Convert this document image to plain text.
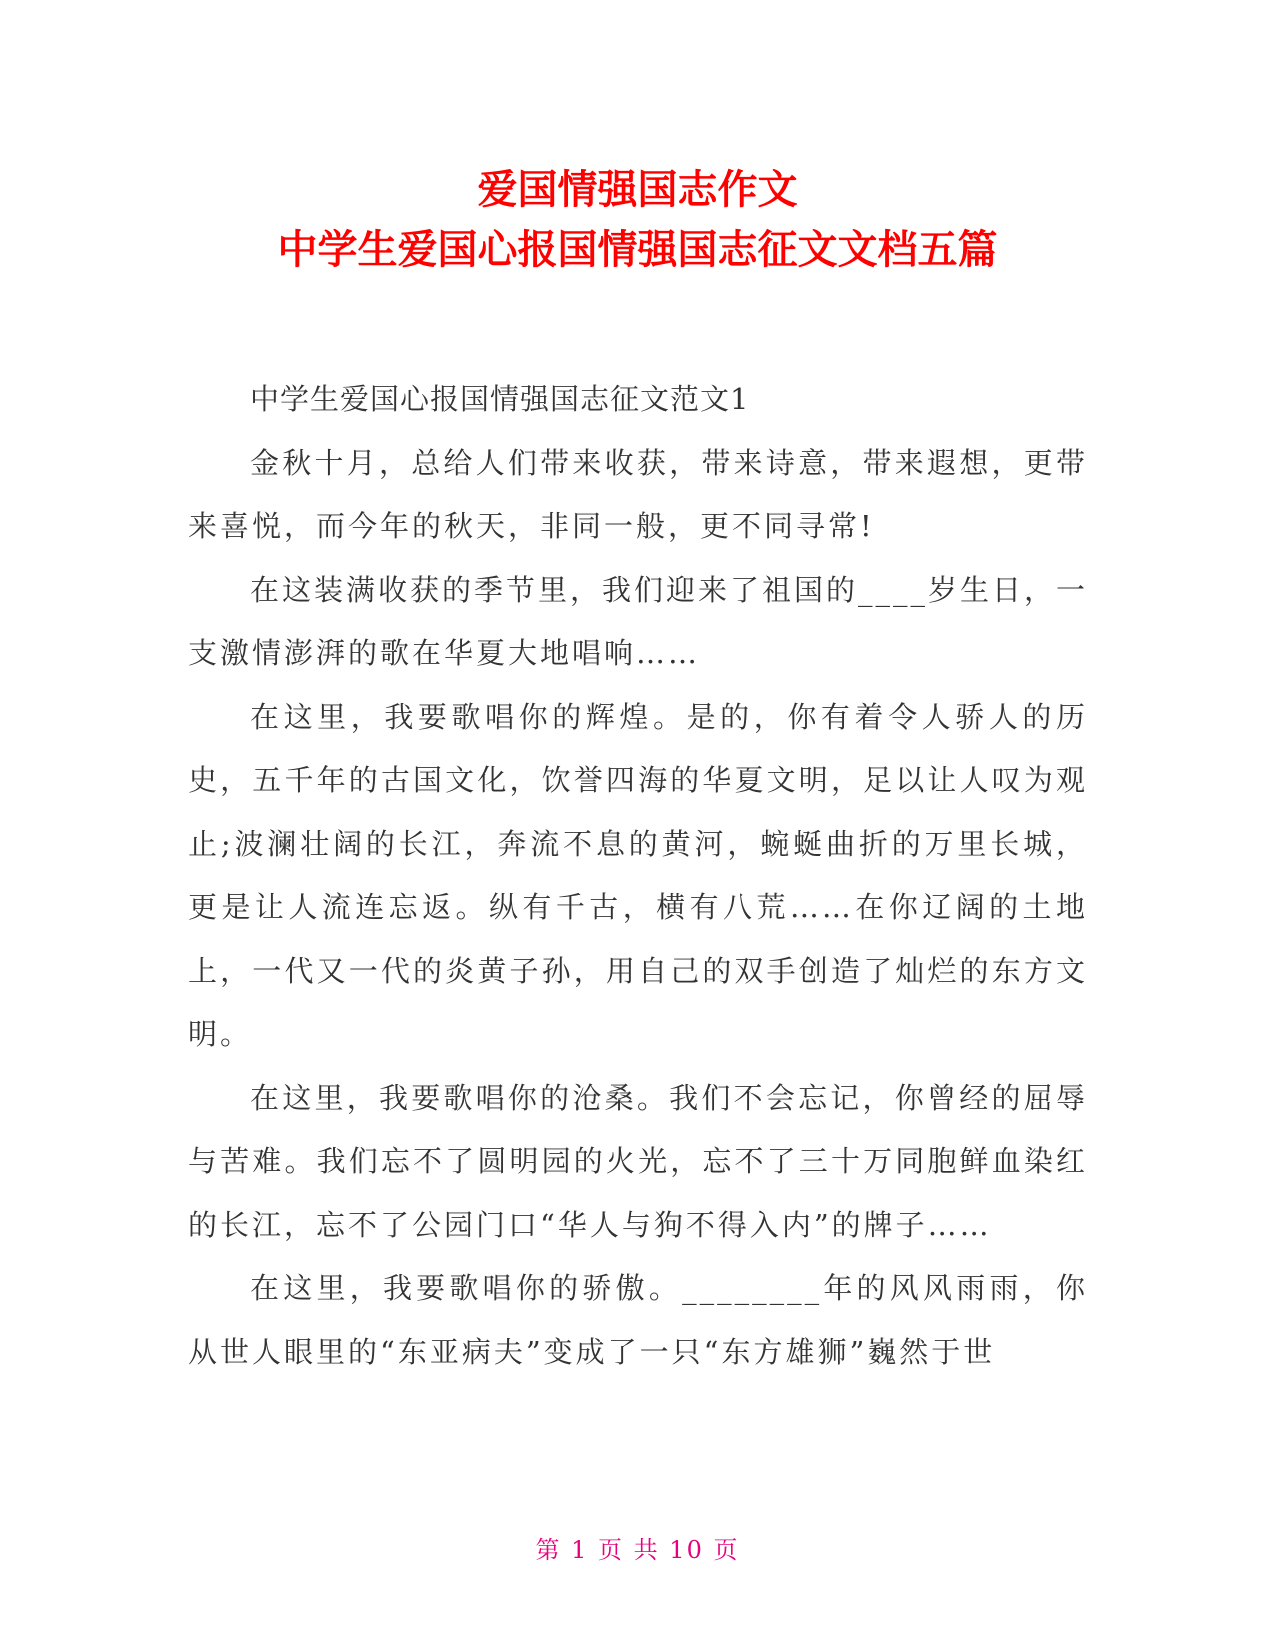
爱国情强国志作文
中学生爱国心报国情强国志征文文档五篇

中学生爱国心报国情强国志征文范文1

金秋十月，总给人们带来收获，带来诗意，带来遐想，更带来喜悦，而今年的秋天，非同一般，更不同寻常!

在这装满收获的季节里，我们迎来了祖国的____岁生日，一支激情澎湃的歌在华夏大地唱响……

在这里，我要歌唱你的辉煌。是的，你有着令人骄人的历史，五千年的古国文化，饮誉四海的华夏文明，足以让人叹为观止;波澜壮阔的长江，奔流不息的黄河，蜿蜒曲折的万里长城，更是让人流连忘返。纵有千古，横有八荒……在你辽阔的土地上，一代又一代的炎黄子孙，用自己的双手创造了灿烂的东方文明。

在这里，我要歌唱你的沧桑。我们不会忘记，你曾经的屈辱与苦难。我们忘不了圆明园的火光，忘不了三十万同胞鲜血染红的长江，忘不了公园门口“华人与狗不得入内”的牌子……

在这里，我要歌唱你的骄傲。________年的风风雨雨，你从世人眼里的“东亚病夫”变成了一只“东方雄狮”巍然于世

第 1 页 共 10 页
